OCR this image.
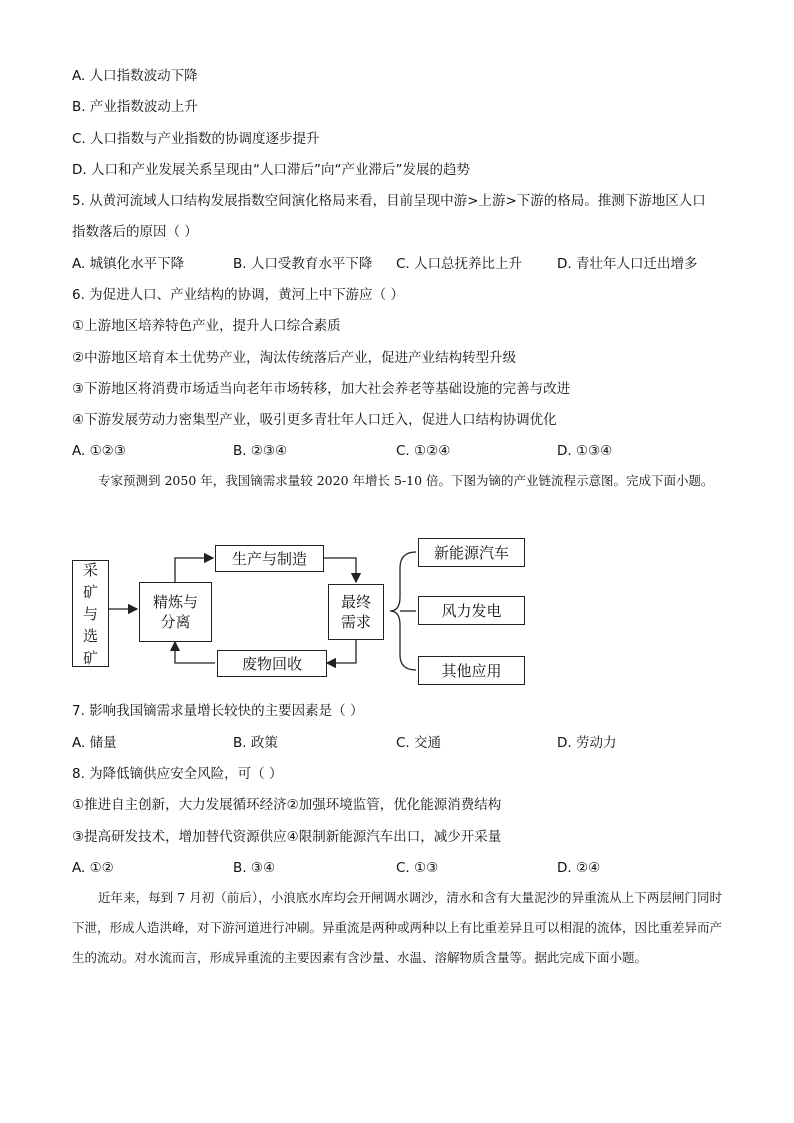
A. 人口指数波动下降
B. 产业指数波动上升
C. 人口指数与产业指数的协调度逐步提升
D. 人口和产业发展关系呈现由“人口滞后”向“产业滞后”发展的趋势
5. 从黄河流域人口结构发展指数空间演化格局来看，目前呈现中游>上游>下游的格局。推测下游地区人口
指数落后的原因（ ）
A. 城镇化水平下降	B. 人口受教育水平下降 C. 人口总抚养比上升	D. 青壮年人口迁出增多
6. 为促进人口、产业结构的协调，黄河上中下游应（ ）
①上游地区培养特色产业，提升人口综合素质
②中游地区培育本土优势产业，淘汰传统落后产业，促进产业结构转型升级
③下游地区将消费市场适当向老年市场转移，加大社会养老等基础设施的完善与改进
④下游发展劳动力密集型产业，吸引更多青壮年人口迁入，促进人口结构协调优化
A. ①②③	B. ②③④	C. ①②④	D. ①③④

专家预测到 2050 年，我国镝需求量较 2020 年增长 5-10 倍。下图为镝的产业链流程示意图。完成下面小题。

采
矿
与
选
矿
精炼与分离
生产与制造
最终需求
废物回收
新能源汽车
风力发电
其他应用
7. 影响我国镝需求量增长较快的主要因素是（ ）
A. 储量	B. 政策	C. 交通	D. 劳动力
8. 为降低镝供应安全风险，可（ ）
①推进自主创新，大力发展循环经济②加强环境监管，优化能源消费结构
③提高研发技术，增加替代资源供应④限制新能源汽车出口，减少开采量
A. ①②	B. ③④	C. ①③	D. ②④

近年来，每到 7 月初（前后），小浪底水库均会开闸调水调沙，清水和含有大量泥沙的异重流从上下两层闸门同时下泄，形成人造洪峰，对下游河道进行冲刷。异重流是两种或两种以上有比重差异且可以相混的流体，因比重差异而产生的流动。对水流而言，形成异重流的主要因素有含沙量、水温、溶解物质含量等。据此完成下面小题。
